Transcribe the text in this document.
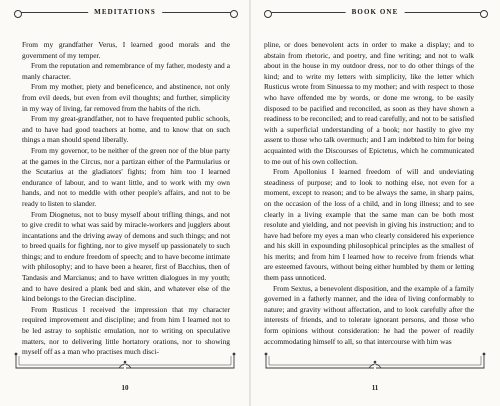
MEDITATIONS

From my grandfather Verus, I learned good morals and the government of my temper.

From the reputation and remembrance of my father, modesty and a manly character.

From my mother, piety and beneficence, and abstinence, not only from evil deeds, but even from evil thoughts; and further, simplicity in my way of living, far removed from the habits of the rich.

From my great-grandfather, not to have frequented public schools, and to have had good teachers at home, and to know that on such things a man should spend liberally.

From my governor, to be neither of the green nor of the blue party at the games in the Circus, nor a partizan either of the Parmularius or the Scutarius at the gladiators' fights; from him too I learned endurance of labour, and to want little, and to work with my own hands, and not to meddle with other people's affairs, and not to be ready to listen to slander.

From Diognetus, not to busy myself about trifling things, and not to give credit to what was said by miracle-workers and jugglers about incantations and the driving away of demons and such things; and not to breed quails for fighting, nor to give myself up passionately to such things; and to endure freedom of speech; and to have become intimate with philosophy; and to have been a hearer, first of Bacchius, then of Tandasis and Marcianus; and to have written dialogues in my youth; and to have desired a plank bed and skin, and whatever else of the kind belongs to the Grecian discipline.

From Rusticus I received the impression that my character required improvement and discipline; and from him I learned not to be led astray to sophistic emulation, nor to writing on speculative matters, nor to delivering little hortatory orations, nor to showing myself off as a man who practises much disci-

10
BOOK ONE

pline, or does benevolent acts in order to make a display; and to abstain from rhetoric, and poetry, and fine writing; and not to walk about in the house in my outdoor dress, nor to do other things of the kind; and to write my letters with simplicity, like the letter which Rusticus wrote from Sinuessa to my mother; and with respect to those who have offended me by words, or done me wrong, to be easily disposed to be pacified and reconciled, as soon as they have shown a readiness to be reconciled; and to read carefully, and not to be satisfied with a superficial understanding of a book; nor hastily to give my assent to those who talk overmuch; and I am indebted to him for being acquainted with the Discourses of Epictetus, which he communicated to me out of his own collection.

From Apollonius I learned freedom of will and undeviating steadiness of purpose; and to look to nothing else, not even for a moment, except to reason; and to be always the same, in sharp pains, on the occasion of the loss of a child, and in long illness; and to see clearly in a living example that the same man can be both most resolute and yielding, and not peevish in giving his instruction; and to have had before my eyes a man who clearly considered his experience and his skill in expounding philosophical principles as the smallest of his merits; and from him I learned how to receive from friends what are esteemed favours, without being either humbled by them or letting them pass unnoticed.

From Sextus, a benevolent disposition, and the example of a family governed in a fatherly manner, and the idea of living conformably to nature; and gravity without affectation, and to look carefully after the interests of friends, and to tolerate ignorant persons, and those who form opinions without consideration: he had the power of readily accommodating himself to all, so that intercourse with him was

11
